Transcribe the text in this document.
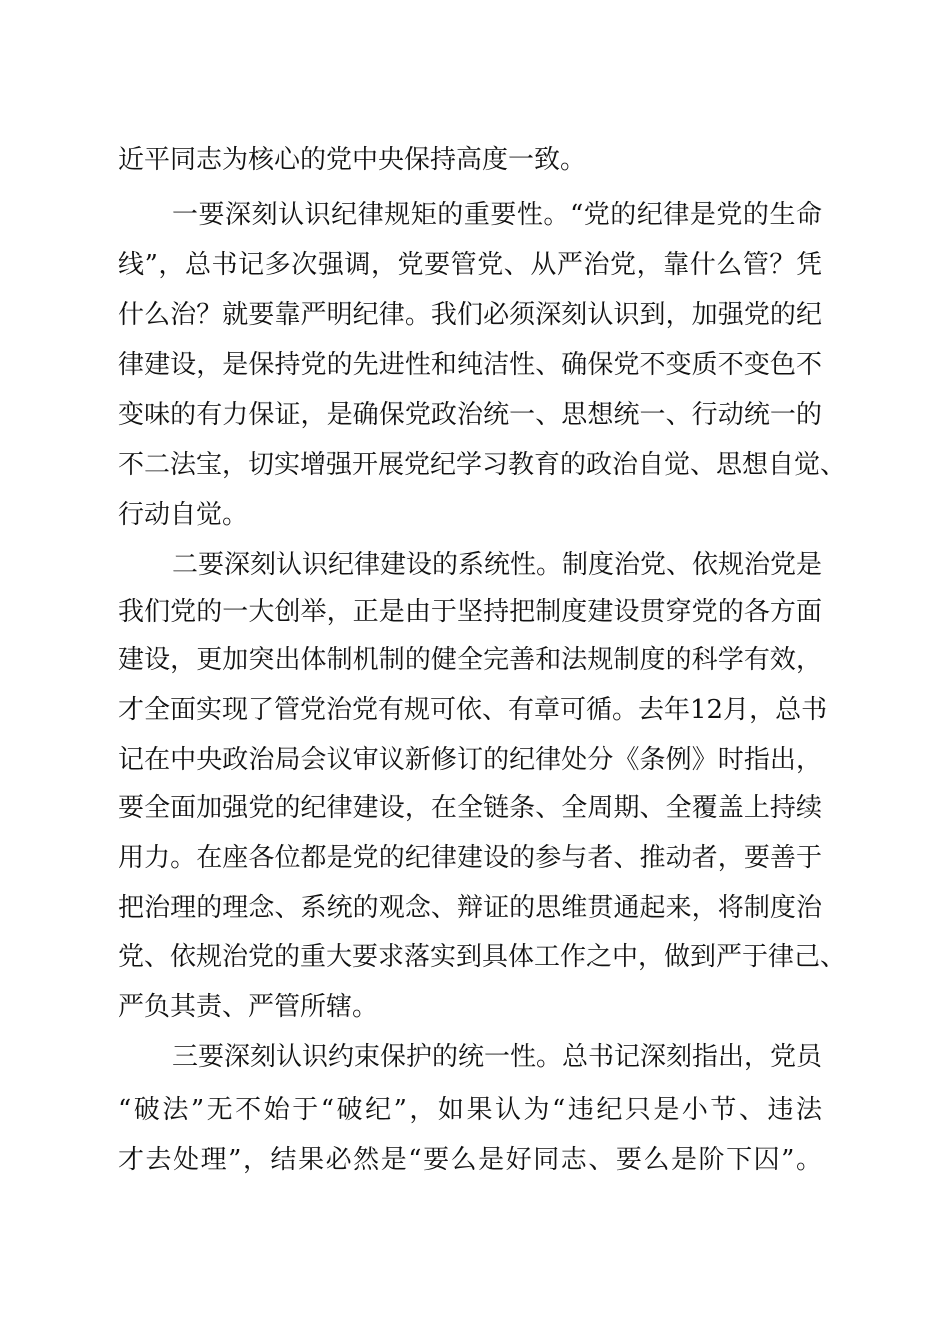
近平同志为核心的党中央保持高度一致。
一要深刻认识纪律规矩的重要性。“党的纪律是党的生命
线”，总书记多次强调，党要管党、从严治党，靠什么管？凭
什么治？就要靠严明纪律。我们必须深刻认识到，加强党的纪
律建设，是保持党的先进性和纯洁性、确保党不变质不变色不
变味的有力保证，是确保党政治统一、思想统一、行动统一的
不二法宝，切实增强开展党纪学习教育的政治自觉、思想自觉、
行动自觉。
二要深刻认识纪律建设的系统性。制度治党、依规治党是
我们党的一大创举，正是由于坚持把制度建设贯穿党的各方面
建设，更加突出体制机制的健全完善和法规制度的科学有效，
才全面实现了管党治党有规可依、有章可循。去年12月，总书
记在中央政治局会议审议新修订的纪律处分《条例》时指出，
要全面加强党的纪律建设，在全链条、全周期、全覆盖上持续
用力。在座各位都是党的纪律建设的参与者、推动者，要善于
把治理的理念、系统的观念、辩证的思维贯通起来，将制度治
党、依规治党的重大要求落实到具体工作之中，做到严于律己、
严负其责、严管所辖。
三要深刻认识约束保护的统一性。总书记深刻指出，党员
“破法”无不始于“破纪”，如果认为“违纪只是小节、违法
才去处理”，结果必然是“要么是好同志、要么是阶下囚”。
